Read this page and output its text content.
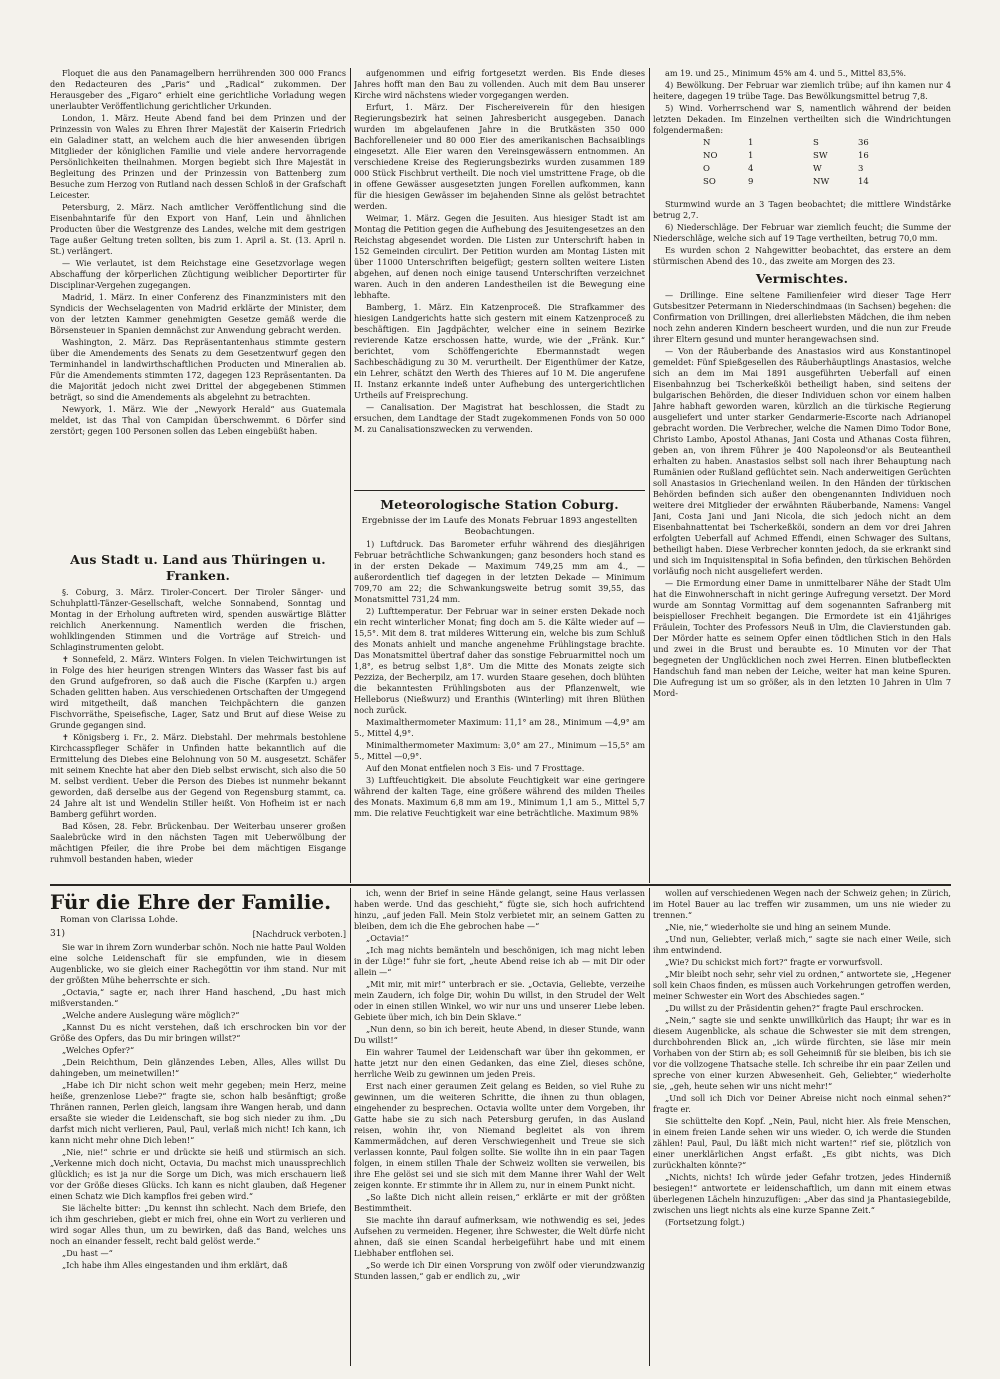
Floquet die aus den Panamagelbern herrührenden 300 000 Francs den Redacteuren des „Paris“ und „Radical“ zukommen. Der Herausgeber des „Figaro“ erhielt eine gerichtliche Vorladung wegen unerlaubter Veröffentlichung gerichtlicher Urkunden.

London, 1. März. Heute Abend fand bei dem Prinzen und der Prinzessin von Wales zu Ehren Ihrer Majestät der Kaiserin Friedrich ein Galadiner statt, an welchem auch die hier anwesenden übrigen Mitglieder der königlichen Familie und viele andere hervorragende Persönlichkeiten theilnahmen. Morgen begiebt sich Ihre Majestät in Begleitung des Prinzen und der Prinzessin von Battenberg zum Besuche zum Herzog von Rutland nach dessen Schloß in der Grafschaft Leicester.

Petersburg, 2. März. Nach amtlicher Veröffentlichung sind die Eisenbahntarife für den Export von Hanf, Lein und ähnlichen Producten über die Westgrenze des Landes, welche mit dem gestrigen Tage außer Geltung treten sollten, bis zum 1. April a. St. (13. April n. St.) verlängert.

— Wie verlautet, ist dem Reichstage eine Gesetzvorlage wegen Abschaffung der körperlichen Züchtigung weiblicher Deportirter für Disciplinar-Vergehen zugegangen.

Madrid, 1. März. In einer Conferenz des Finanzministers mit den Syndicis der Wechselagenten von Madrid erklärte der Minister, dem von der letzten Kammer genehmigten Gesetze gemäß werde die Börsensteuer in Spanien demnächst zur Anwendung gebracht werden.

Washington, 2. März. Das Repräsentantenhaus stimmte gestern über die Amendements des Senats zu dem Gesetzentwurf gegen den Terminhandel in landwirthschaftlichen Producten und Mineralien ab. Für die Amendements stimmten 172, dagegen 123 Repräsentanten. Da die Majorität jedoch nicht zwei Drittel der abgegebenen Stimmen beträgt, so sind die Amendements als abgelehnt zu betrachten.

Newyork, 1. März. Wie der „Newyork Herald“ aus Guatemala meldet, ist das Thal von Campidan überschwemmt. 6 Dörfer sind zerstört; gegen 100 Personen sollen das Leben eingebüßt haben.

Aus Stadt u. Land aus Thüringen u. Franken.

§. Coburg, 3. März. Tiroler-Concert. Der Tiroler Sänger- und Schuhplattl-Tänzer-Gesellschaft, welche Sonnabend, Sonntag und Montag in der Erholung auftreten wird, spenden auswärtige Blätter reichlich Anerkennung. Namentlich werden die frischen, wohlklingenden Stimmen und die Vorträge auf Streich- und Schlaginstrumenten gelobt.

✝ Sonnefeld, 2. März. Winters Folgen. In vielen Teichwirtungen ist in Folge des hier heurigen strengen Winters das Wasser fast bis auf den Grund aufgefroren, so daß auch die Fische (Karpfen u.) argen Schaden gelitten haben. Aus verschiedenen Ortschaften der Umgegend wird mitgetheilt, daß manchen Teichpächtern die ganzen Fischvorräthe, Speisefische, Lager, Satz und Brut auf diese Weise zu Grunde gegangen sind.

✝ Königsberg i. Fr., 2. März. Diebstahl. Der mehrmals bestohlene Kirchcasspfleger Schäfer in Unfinden hatte bekanntlich auf die Ermittelung des Diebes eine Belohnung von 50 M. ausgesetzt. Schäfer mit seinem Knechte hat aber den Dieb selbst erwischt, sich also die 50 M. selbst verdient. Ueber die Person des Diebes ist nunmehr bekannt geworden, daß derselbe aus der Gegend von Regensburg stammt, ca. 24 Jahre alt ist und Wendelin Stiller heißt. Von Hofheim ist er nach Bamberg geführt worden.

Bad Kösen, 28. Febr. Brückenbau. Der Weiterbau unserer großen Saalebrücke wird in den nächsten Tagen mit Ueberwölbung der mächtigen Pfeiler, die ihre Probe bei dem mächtigen Eisgange ruhmvoll bestanden haben, wieder

aufgenommen und eifrig fortgesetzt werden. Bis Ende dieses Jahres hofft man den Bau zu vollenden. Auch mit dem Bau unserer Kirche wird nächstens wieder vorgegangen werden.

Erfurt, 1. März. Der Fischereiverein für den hiesigen Regierungsbezirk hat seinen Jahresbericht ausgegeben. Danach wurden im abgelaufenen Jahre in die Brutkästen 350 000 Bachforelleneier und 80 000 Eier des amerikanischen Bachsaiblings eingesetzt. Alle Eier waren den Vereinsgewässern entnommen. An verschiedene Kreise des Regierungsbezirks wurden zusammen 189 000 Stück Fischbrut vertheilt. Die noch viel umstrittene Frage, ob die in offene Gewässer ausgesetzten jungen Forellen aufkommen, kann für die hiesigen Gewässer im bejahenden Sinne als gelöst betrachtet werden.

Weimar, 1. März. Gegen die Jesuiten. Aus hiesiger Stadt ist am Montag die Petition gegen die Aufhebung des Jesuitengesetzes an den Reichstag abgesendet worden. Die Listen zur Unterschrift haben in 152 Gemeinden circulirt. Der Petition wurden am Montag Listen mit über 11000 Unterschriften beigefügt; gestern sollten weitere Listen abgehen, auf denen noch einige tausend Unterschriften verzeichnet waren. Auch in den anderen Landestheilen ist die Bewegung eine lebhafte.

Bamberg, 1. März. Ein Katzenproceß. Die Strafkammer des hiesigen Landgerichts hatte sich gestern mit einem Katzenproceß zu beschäftigen. Ein Jagdpächter, welcher eine in seinem Bezirke revierende Katze erschossen hatte, wurde, wie der „Fränk. Kur.“ berichtet, vom Schöffengerichte Ebermannstadt wegen Sachbeschädigung zu 30 M. verurtheilt. Der Eigenthümer der Katze, ein Lehrer, schätzt den Werth des Thieres auf 10 M. Die angerufene II. Instanz erkannte indeß unter Aufhebung des untergerichtlichen Urtheils auf Freisprechung.

— Canalisation. Der Magistrat hat beschlossen, die Stadt zu ersuchen, dem Landtage der Stadt zugekommenen Fonds von 50 000 M. zu Canalisationszwecken zu verwenden.

Meteorologische Station Coburg.
Ergebnisse der im Laufe des Monats Februar 1893 angestellten Beobachtungen.

1) Luftdruck. Das Barometer erfuhr während des diesjährigen Februar beträchtliche Schwankungen; ganz besonders hoch stand es in der ersten Dekade — Maximum 749,25 mm am 4., — außerordentlich tief dagegen in der letzten Dekade — Minimum 709,70 am 22; die Schwankungsweite betrug somit 39,55, das Monatsmittel 731,24 mm.

2) Lufttemperatur. Der Februar war in seiner ersten Dekade noch ein recht winterlicher Monat; fing doch am 5. die Kälte wieder auf —15,5°. Mit dem 8. trat milderes Witterung ein, welche bis zum Schluß des Monats anhielt und manche angenehme Frühlingstage brachte. Das Monatsmittel übertraf daher das sonstige Februarmittel noch um 1,8°, es betrug selbst 1,8°. Um die Mitte des Monats zeigte sich Pezziza, der Becherpilz, am 17. wurden Staare gesehen, doch blühten die bekanntesten Frühlingsboten aus der Pflanzenwelt, wie Helleborus (Nießwurz) und Eranthis (Winterling) mit ihren Blüthen noch zurück.

Maximalthermometer Maximum: 11,1° am 28., Minimum —4,9° am 5., Mittel 4,9°.

Minimalthermometer Maximum: 3,0° am 27., Minimum —15,5° am 5., Mittel —0,9°.

Auf den Monat entfielen noch 3 Eis- und 7 Frosttage.

3) Luftfeuchtigkeit. Die absolute Feuchtigkeit war eine geringere während der kalten Tage, eine größere während des milden Theiles des Monats. Maximum 6,8 mm am 19., Minimum 1,1 am 5., Mittel 5,7 mm. Die relative Feuchtigkeit war eine beträchtliche. Maximum 98%

am 19. und 25., Minimum 45% am 4. und 5., Mittel 83,5%.

4) Bewölkung. Der Februar war ziemlich trübe; auf ihn kamen nur 4 heitere, dagegen 19 trübe Tage. Das Bewölkungsmittel betrug 7,8.

5) Wind. Vorherrschend war S, namentlich während der beiden letzten Dekaden. Im Einzelnen vertheilten sich die Windrichtungen folgendermaßen:

N	1	S	36
NO	1	SW	16
O	4	W	3
SO	9	NW	14

Sturmwind wurde an 3 Tagen beobachtet; die mittlere Windstärke betrug 2,7.

6) Niederschläge. Der Februar war ziemlich feucht; die Summe der Niederschläge, welche sich auf 19 Tage vertheilten, betrug 70,0 mm.

Es wurden schon 2 Nahgewitter beobachtet, das erstere an dem stürmischen Abend des 10., das zweite am Morgen des 23.

Vermischtes.

— Drillinge. Eine seltene Familienfeier wird dieser Tage Herr Gutsbesitzer Petermann in Niederschindmaas (in Sachsen) begehen: die Confirmation von Drillingen, drei allerliebsten Mädchen, die ihm neben noch zehn anderen Kindern bescheert wurden, und die nun zur Freude ihrer Eltern gesund und munter herangewachsen sind.

— Von der Räuberbande des Anastasios wird aus Konstantinopel gemeldet: Fünf Spießgesellen des Räuberhäuptlings Anastasios, welche sich an dem im Mai 1891 ausgeführten Ueberfall auf einen Eisenbahnzug bei Tscherkeßköi betheiligt haben, sind seitens der bulgarischen Behörden, die dieser Individuen schon vor einem halben Jahre habhaft geworden waren, kürzlich an die türkische Regierung ausgeliefert und unter starker Gendarmerie-Escorte nach Adrianopel gebracht worden. Die Verbrecher, welche die Namen Dimo Todor Bone, Christo Lambo, Apostol Athanas, Jani Costa und Athanas Costa führen, geben an, von ihrem Führer je 400 Napoleonsd'or als Beuteantheil erhalten zu haben. Anastasios selbst soll nach ihrer Behauptung nach Rumänien oder Rußland geflüchtet sein. Nach anderweitigen Gerüchten soll Anastasios in Griechenland weilen. In den Händen der türkischen Behörden befinden sich außer den obengenannten Individuen noch weitere drei Mitglieder der erwähnten Räuberbande, Namens: Vangel Jani, Costa Jani und Jani Nicola, die sich jedoch nicht an dem Eisenbahnattentat bei Tscherkeßköi, sondern an dem vor drei Jahren erfolgten Ueberfall auf Achmed Effendi, einen Schwager des Sultans, betheiligt haben. Diese Verbrecher konnten jedoch, da sie erkrankt sind und sich im Inquisitenspital in Sofia befinden, den türkischen Behörden vorläufig noch nicht ausgeliefert werden.

— Die Ermordung einer Dame in unmittelbarer Nähe der Stadt Ulm hat die Einwohnerschaft in nicht geringe Aufregung versetzt. Der Mord wurde am Sonntag Vormittag auf dem sogenannten Safranberg mit beispielloser Frechheit begangen. Die Ermordete ist ein 41jähriges Fräulein, Tochter des Professors Neuß in Ulm, die Clavierstunden gab. Der Mörder hatte es seinem Opfer einen tödtlichen Stich in den Hals und zwei in die Brust und beraubte es. 10 Minuten vor der That begegneten der Unglücklichen noch zwei Herren. Einen blutbefleckten Handschuh fand man neben der Leiche, weiter hat man keine Spuren. Die Aufregung ist um so größer, als in den letzten 10 Jahren in Ulm 7 Mord-

Für die Ehre der Familie.
Roman von Clarissa Lohde.
31)	[Nachdruck verboten.]

Sie war in ihrem Zorn wunderbar schön. Noch nie hatte Paul Wolden eine solche Leidenschaft für sie empfunden, wie in diesem Augenblicke, wo sie gleich einer Rachegöttin vor ihm stand. Nur mit der größten Mühe beherrschte er sich.

„Octavia,“ sagte er, nach ihrer Hand haschend, „Du hast mich mißverstanden.“

„Welche andere Auslegung wäre möglich?“

„Kannst Du es nicht verstehen, daß ich erschrocken bin vor der Größe des Opfers, das Du mir bringen willst?“

„Welches Opfer?“

„Dein Reichthum, Dein glänzendes Leben, Alles, Alles willst Du dahingeben, um meinetwillen!“

„Habe ich Dir nicht schon weit mehr gegeben; mein Herz, meine heiße, grenzenlose Liebe?“ fragte sie, schon halb besänftigt; große Thränen rannen, Perlen gleich, langsam ihre Wangen herab, und dann ersaßte sie wieder die Leidenschaft, sie bog sich nieder zu ihm. „Du darfst mich nicht verlieren, Paul, Paul, verlaß mich nicht! Ich kann, ich kann nicht mehr ohne Dich leben!“

„Nie, nie!“ schrie er und drückte sie heiß und stürmisch an sich. „Verkenne mich doch nicht, Octavia, Du machst mich unaussprechlich glücklich; es ist ja nur die Sorge um Dich, was mich erschauern ließ vor der Größe dieses Glücks. Ich kann es nicht glauben, daß Hegener einen Schatz wie Dich kampflos frei geben wird.“

Sie lächelte bitter: „Du kennst ihn schlecht. Nach dem Briefe, den ich ihm geschrieben, giebt er mich frei, ohne ein Wort zu verlieren und wird sogar Alles thun, um zu bewirken, daß das Band, welches uns noch an einander fesselt, recht bald gelöst werde.“

„Du hast —“

„Ich habe ihm Alles eingestanden und ihm erklärt, daß

ich, wenn der Brief in seine Hände gelangt, seine Haus verlassen haben werde. Und das geschieht,“ fügte sie, sich hoch aufrichtend hinzu, „auf jeden Fall. Mein Stolz verbietet mir, an seinem Gatten zu bleiben, dem ich die Ehe gebrochen habe —“

„Octavia!“

„Ich mag nichts bemänteln und beschönigen, ich mag nicht leben in der Lüge!“ fuhr sie fort, „heute Abend reise ich ab — mit Dir oder allein —“

„Mit mir, mit mir!“ unterbrach er sie. „Octavia, Geliebte, verzeihe mein Zaudern, ich folge Dir, wohin Du willst, in den Strudel der Welt oder in einen stillen Winkel, wo wir nur uns und unserer Liebe leben. Gebiete über mich, ich bin Dein Sklave.“

„Nun denn, so bin ich bereit, heute Abend, in dieser Stunde, wann Du willst!“

Ein wahrer Taumel der Leidenschaft war über ihn gekommen, er hatte jetzt nur den einen Gedanken, das eine Ziel, dieses schöne, herrliche Weib zu gewinnen um jeden Preis.

Erst nach einer geraumen Zeit gelang es Beiden, so viel Ruhe zu gewinnen, um die weiteren Schritte, die ihnen zu thun oblagen, eingehender zu besprechen. Octavia wollte unter dem Vorgeben, ihr Gatte habe sie zu sich nach Petersburg gerufen, in das Ausland reisen, wohin ihr, von Niemand begleitet als von ihrem Kammermädchen, auf deren Verschwiegenheit und Treue sie sich verlassen konnte, Paul folgen sollte. Sie wollte ihn in ein paar Tagen folgen, in einem stillen Thale der Schweiz wollten sie verweilen, bis ihre Ehe gelöst sei und sie sich mit dem Manne ihrer Wahl der Welt zeigen konnte. Er stimmte ihr in Allem zu, nur in einem Punkt nicht.

„So laßte Dich nicht allein reisen,“ erklärte er mit der größten Bestimmtheit.

Sie machte ihn darauf aufmerksam, wie nothwendig es sei, jedes Aufsehen zu vermeiden. Hegener, ihre Schwester, die Welt dürfe nicht ahnen, daß sie einen Scandal herbeigeführt habe und mit einem Liebhaber entflohen sei.

„So werde ich Dir einen Vorsprung von zwölf oder vierundzwanzig Stunden lassen,“ gab er endlich zu, „wir

wollen auf verschiedenen Wegen nach der Schweiz gehen; in Zürich, im Hotel Bauer au lac treffen wir zusammen, um uns nie wieder zu trennen.“

„Nie, nie,“ wiederholte sie und hing an seinem Munde.

„Und nun, Geliebter, verlaß mich,“ sagte sie nach einer Weile, sich ihm entwindend.

„Wie? Du schickst mich fort?“ fragte er vorwurfsvoll.

„Mir bleibt noch sehr, sehr viel zu ordnen,“ antwortete sie, „Hegener soll kein Chaos finden, es müssen auch Vorkehrungen getroffen werden, meiner Schwester ein Wort des Abschiedes sagen.“

„Du willst zu der Präsidentin gehen?“ fragte Paul erschrocken.

„Nein,“ sagte sie und senkte unwillkürlich das Haupt; ihr war es in diesem Augenblicke, als schaue die Schwester sie mit dem strengen, durchbohrenden Blick an, „ich würde fürchten, sie läse mir mein Vorhaben von der Stirn ab; es soll Geheimniß für sie bleiben, bis ich sie vor die vollzogene Thatsache stelle. Ich schreibe ihr ein paar Zeilen und spreche von einer kurzen Abwesenheit. Geh, Geliebter,“ wiederholte sie, „geh, heute sehen wir uns nicht mehr!“

„Und soll ich Dich vor Deiner Abreise nicht noch einmal sehen?“ fragte er.

Sie schüttelte den Kopf. „Nein, Paul, nicht hier. Als freie Menschen, in einem freien Lande sehen wir uns wieder. O, ich werde die Stunden zählen! Paul, Paul, Du läßt mich nicht warten!“ rief sie, plötzlich von einer unerklärlichen Angst erfaßt. „Es gibt nichts, was Dich zurückhalten könnte?“

„Nichts, nichts! Ich würde jeder Gefahr trotzen, jedes Hinderniß besiegen!“ antwortete er leidenschaftlich, um dann mit einem etwas überlegenen Lächeln hinzuzufügen: „Aber das sind ja Phantasiegebilde, zwischen uns liegt nichts als eine kurze Spanne Zeit.“

(Fortsetzung folgt.)
